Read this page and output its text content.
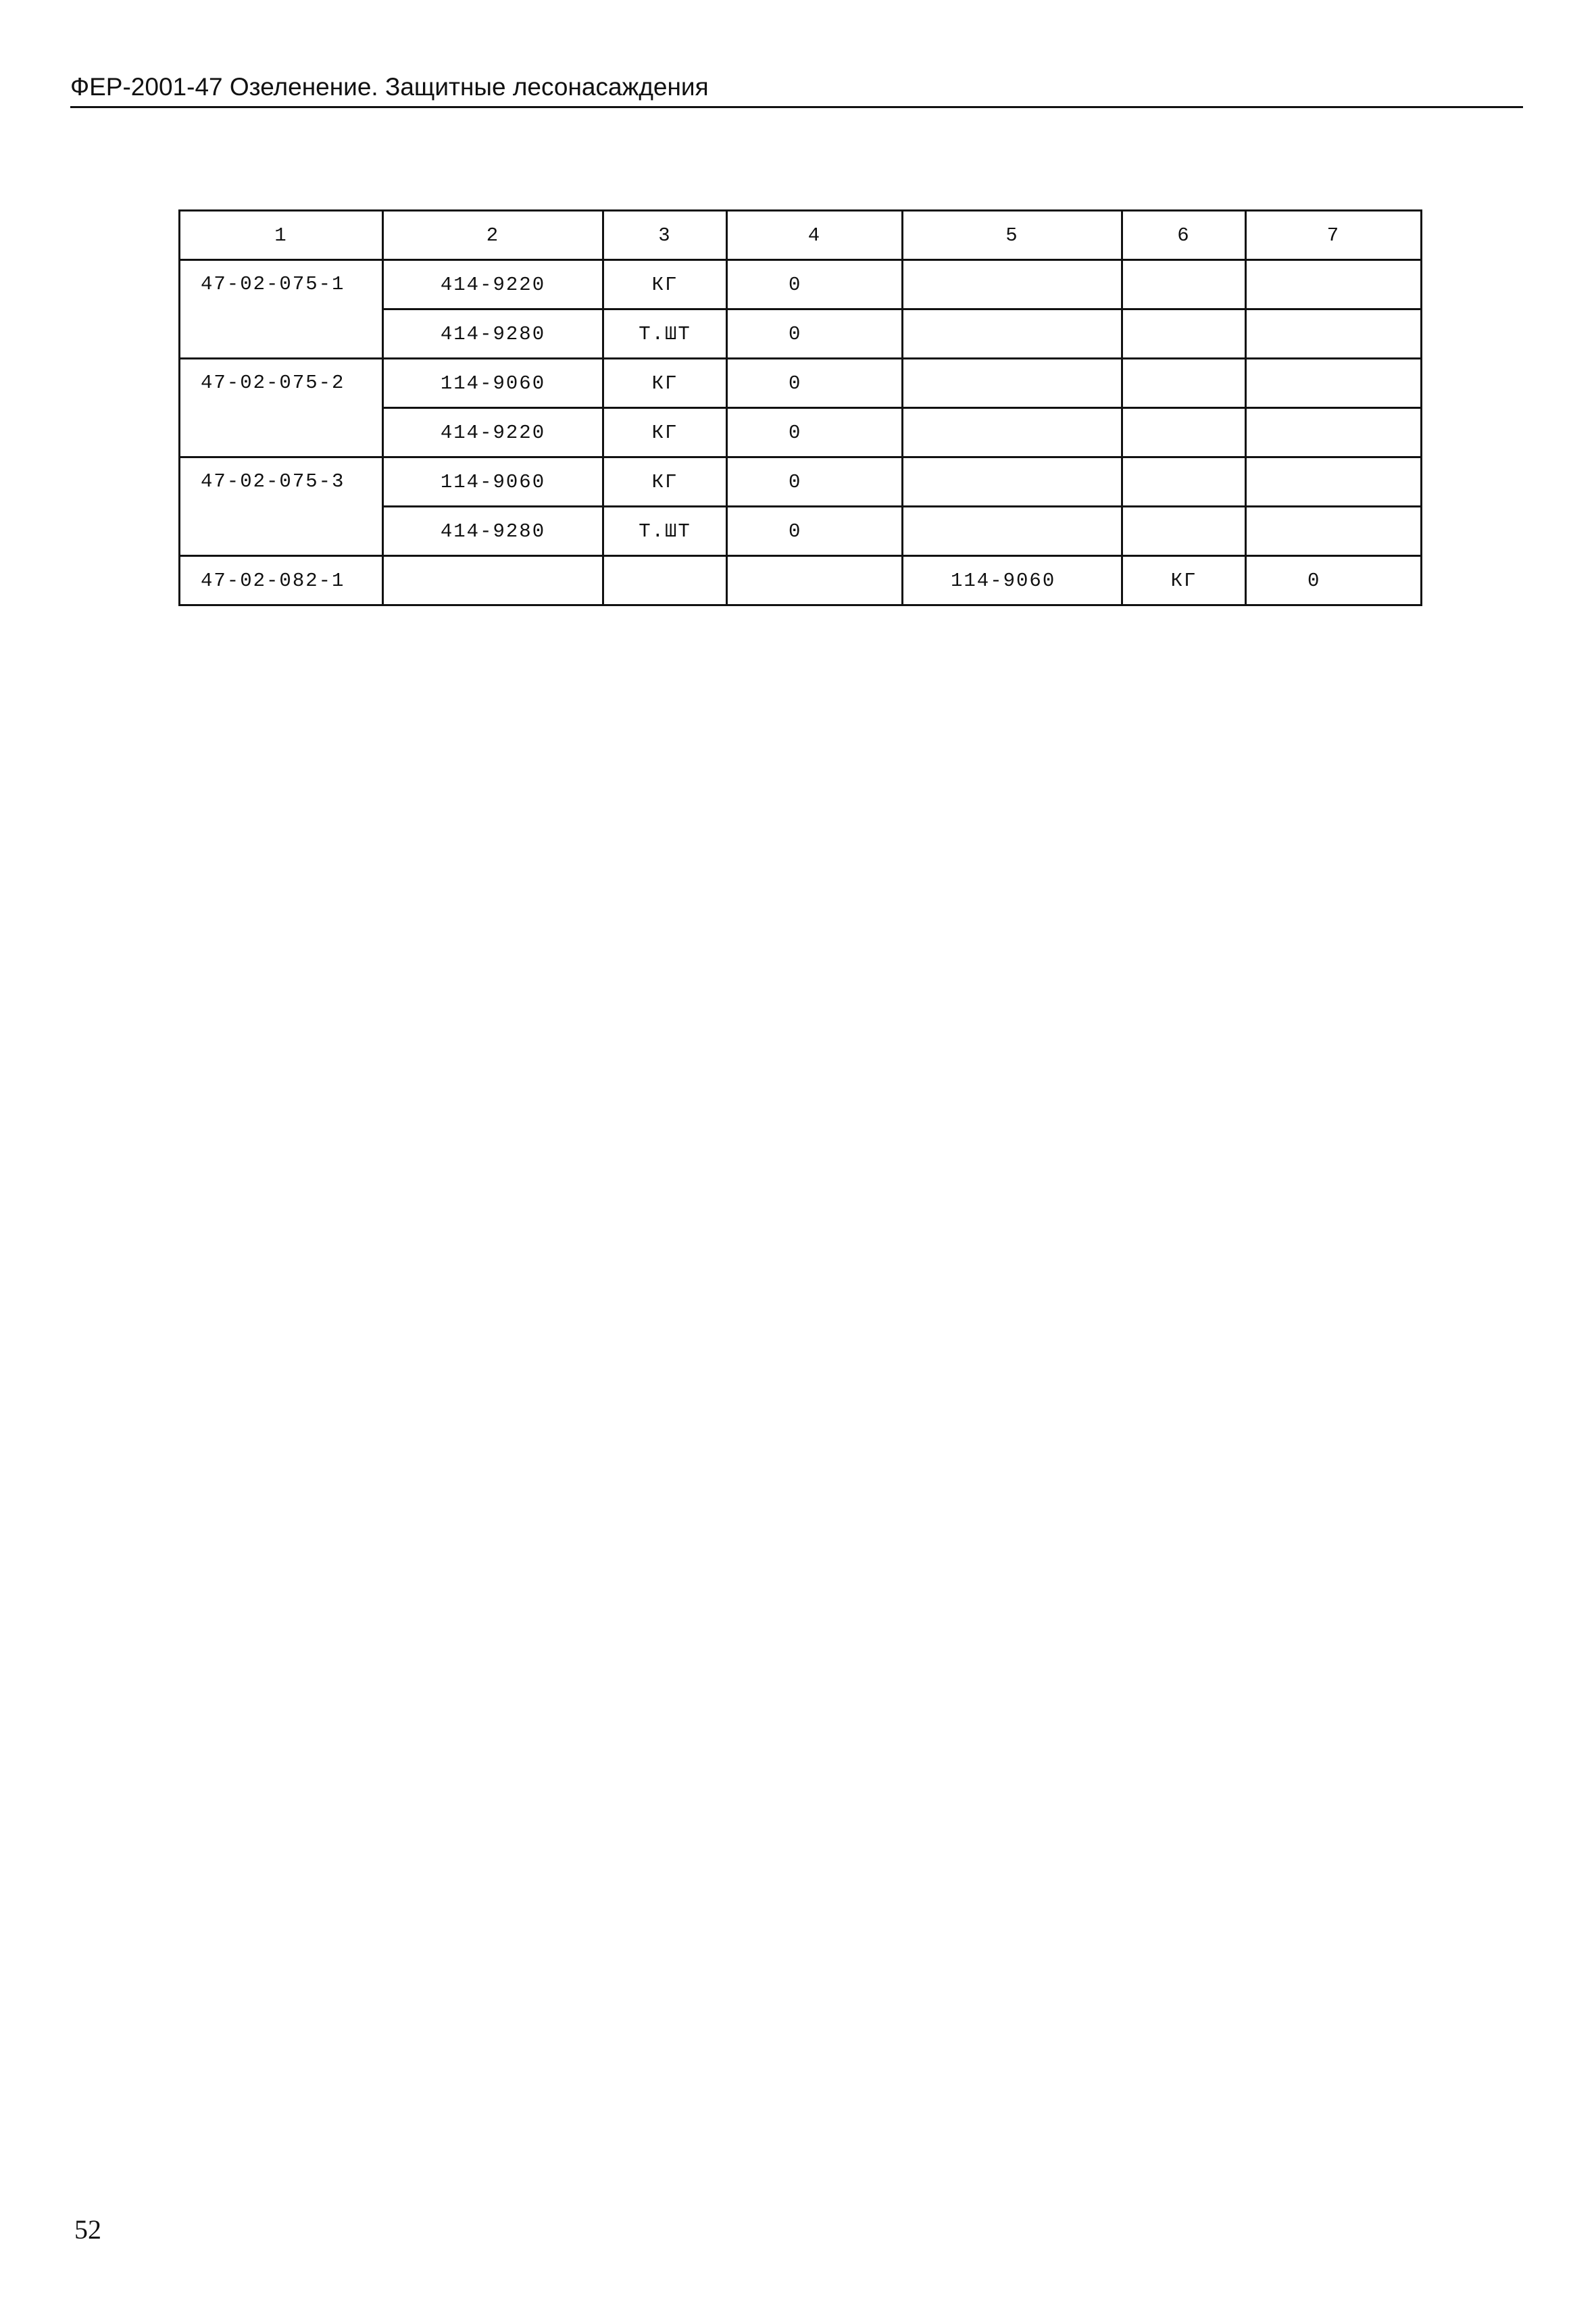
ФЕР-2001-47 Озеленение. Защитные лесонасаждения
1	2	3	4	5	6	7
47-02-075-1	414-9220	КГ	0			
	414-9280	Т.ШТ	0			
47-02-075-2	114-9060	КГ	0			
	414-9220	КГ	0			
47-02-075-3	114-9060	КГ	0			
	414-9280	Т.ШТ	0			
47-02-082-1				114-9060	КГ	0
52
